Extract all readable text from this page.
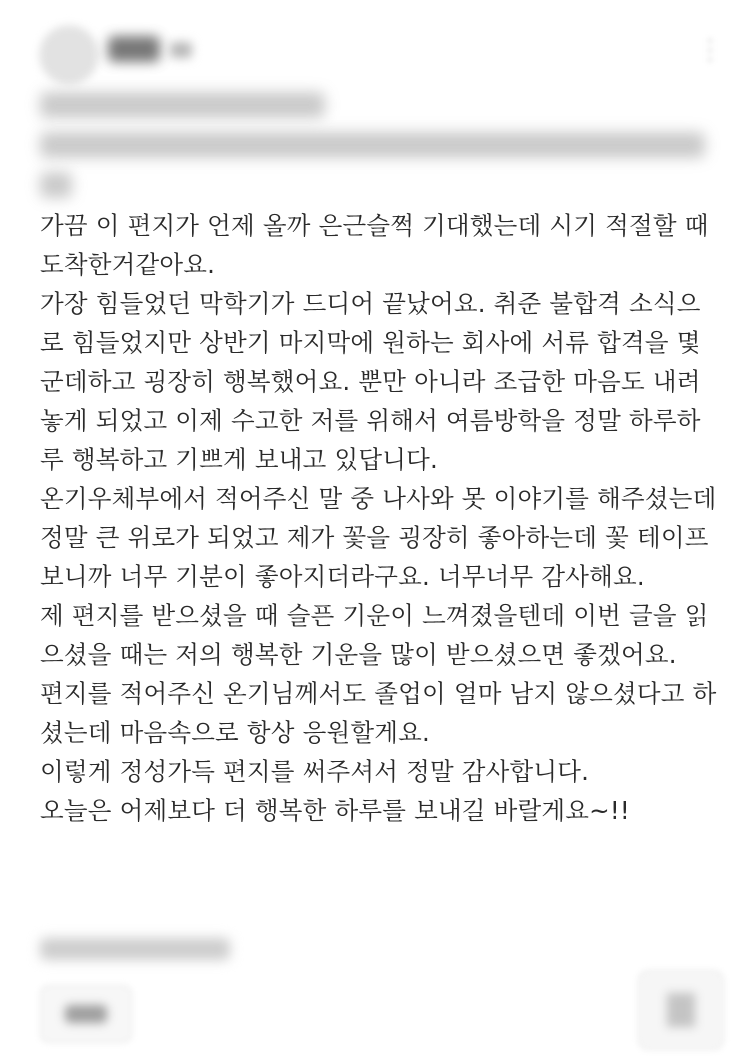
⋮

가끔 이 편지가 언제 올까 은근슬쩍 기대했는데 시기 적절할 때 도착한거같아요.

가장 힘들었던 막학기가 드디어 끝났어요. 취준 불합격 소식으로 힘들었지만 상반기 마지막에 원하는 회사에 서류 합격을 몇군데하고 굉장히 행복했어요. 뿐만 아니라 조급한 마음도 내려놓게 되었고 이제 수고한 저를 위해서 여름방학을 정말 하루하루 행복하고 기쁘게 보내고 있답니다.

온기우체부에서 적어주신 말 중 나사와 못 이야기를 해주셨는데 정말 큰 위로가 되었고 제가 꽃을 굉장히 좋아하는데 꽃 테이프보니까 너무 기분이 좋아지더라구요. 너무너무 감사해요.

제 편지를 받으셨을 때 슬픈 기운이 느껴졌을텐데 이번 글을 읽으셨을 때는 저의 행복한 기운을 많이 받으셨으면 좋겠어요.

편지를 적어주신 온기님께서도 졸업이 얼마 남지 않으셨다고 하셨는데 마음속으로 항상 응원할게요.

이렇게 정성가득 편지를 써주셔서 정말 감사합니다.

오늘은 어제보다 더 행복한 하루를 보내길 바랄게요~!!
